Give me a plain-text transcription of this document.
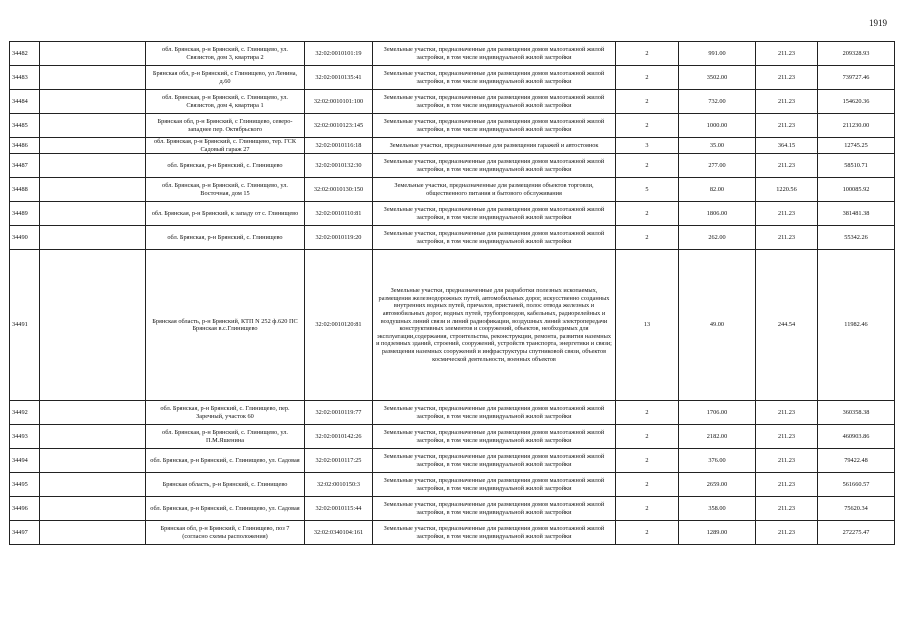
1919
34482		обл. Брянская, р-н Брянский, с. Глинищево, ул. Связистов, дом 3, квартира 2	32:02:0010101:19	Земельные участки, предназначенные для размещения домов малоэтажной жилой застройки, в том числе индивидуальной жилой застройки	2	991.00	211.23	209328.93
34483		Брянская обл, р-н Брянский, с Глинищево, ул Ленина, д.60	32:02:0010135:41	Земельные участки, предназначенные для размещения домов малоэтажной жилой застройки, в том числе индивидуальной жилой застройки	2	3502.00	211.23	739727.46
34484		обл. Брянская, р-н Брянский, с. Глинищево, ул. Связистов, дом 4, квартира 1	32:02:0010101:100	Земельные участки, предназначенные для размещения домов малоэтажной жилой застройки, в том числе индивидуальной жилой застройки	2	732.00	211.23	154620.36
34485		Брянская обл, р-н Брянский, с Глинищево, северо-западнее пер. Октябрьского	32:02:0010123:145	Земельные участки, предназначенные для размещения домов малоэтажной жилой застройки, в том числе индивидуальной жилой застройки	2	1000.00	211.23	211230.00
34486		обл. Брянская, р-н Брянский, с. Глинищево, тер. ГСК Садовый гараж 27	32:02:0010116:18	Земельные участки, предназначенные для размещения гаражей и автостоянок	3	35.00	364.15	12745.25
34487		обл. Брянская, р-н Брянский, с. Глинищево	32:02:0010132:30	Земельные участки, предназначенные для размещения домов малоэтажной жилой застройки, в том числе индивидуальной жилой застройки	2	277.00	211.23	58510.71
34488		обл. Брянская, р-н Брянский, с. Глинищево, ул. Восточная, дом 15	32:02:0010130:150	Земельные участки, предназначенные для размещения объектов торговли, общественного питания и бытового обслуживания	5	82.00	1220.56	100085.92
34489		обл. Брянская, р-н Брянский, к западу от с. Глинищево	32:02:0010110:81	Земельные участки, предназначенные для размещения домов малоэтажной жилой застройки, в том числе индивидуальной жилой застройки	2	1806.00	211.23	381481.38
34490		обл. Брянская, р-н Брянский, с. Глинищево	32:02:0010119:20	Земельные участки, предназначенные для размещения домов малоэтажной жилой застройки, в том числе индивидуальной жилой застройки	2	262.00	211.23	55342.26
34491		Брянская область, р-н Брянский, КТП N 252 ф.620 ПС Брянская в.с.Глинищево	32:02:0010120:81	Земельные участки, предназначенные для разработки полезных ископаемых, размещения железнодорожных путей, автомобильных дорог, искусственно созданных внутренних водных путей, причалов, пристаней, полос отвода железных и автомобильных дорог, водных путей, трубопроводов, кабельных, радиорелейных и воздушных линий связи и линий радиофикации, воздушных линий электропередачи конструктивных элементов и сооружений, объектов, необходимых для эксплуатации,содержания, строительства, реконструкции, ремонта, развития наземных и подземных зданий, строений, сооружений, устройств транспорта, энергетики и связи; размещения наземных сооружений и инфраструктуры спутниковой связи, объектов космической деятельности, военных объектов	13	49.00	244.54	11982.46
34492		обл. Брянская, р-н Брянский, с. Глинищево, пер. Заречный, участок 60	32:02:0010119:77	Земельные участки, предназначенные для размещения домов малоэтажной жилой застройки, в том числе индивидуальной жилой застройки	2	1706.00	211.23	360358.38
34493		обл. Брянская, р-н Брянский, с. Глинищево, ул. П.М.Яшенина	32:02:0010142:26	Земельные участки, предназначенные для размещения домов малоэтажной жилой застройки, в том числе индивидуальной жилой застройки	2	2182.00	211.23	460903.86
34494		обл. Брянская, р-н Брянский, с. Глинищево, ул. Садовая	32:02:0010117:25	Земельные участки, предназначенные для размещения домов малоэтажной жилой застройки, в том числе индивидуальной жилой застройки	2	376.00	211.23	79422.48
34495		Брянская область, р-н Брянский, с. Глинищево	32:02:0010150:3	Земельные участки, предназначенные для размещения домов малоэтажной жилой застройки, в том числе индивидуальной жилой застройки	2	2659.00	211.23	561660.57
34496		обл. Брянская, р-н Брянский, с. Глинищево, ул. Садовая	32:02:0010115:44	Земельные участки, предназначенные для размещения домов малоэтажной жилой застройки, в том числе индивидуальной жилой застройки	2	358.00	211.23	75620.34
34497		Брянская обл, р-н Брянский, с Глинищево, поз 7 (согласно схемы расположения)	32:02:0340104:161	Земельные участки, предназначенные для размещения домов малоэтажной жилой застройки, в том числе индивидуальной жилой застройки	2	1289.00	211.23	272275.47
